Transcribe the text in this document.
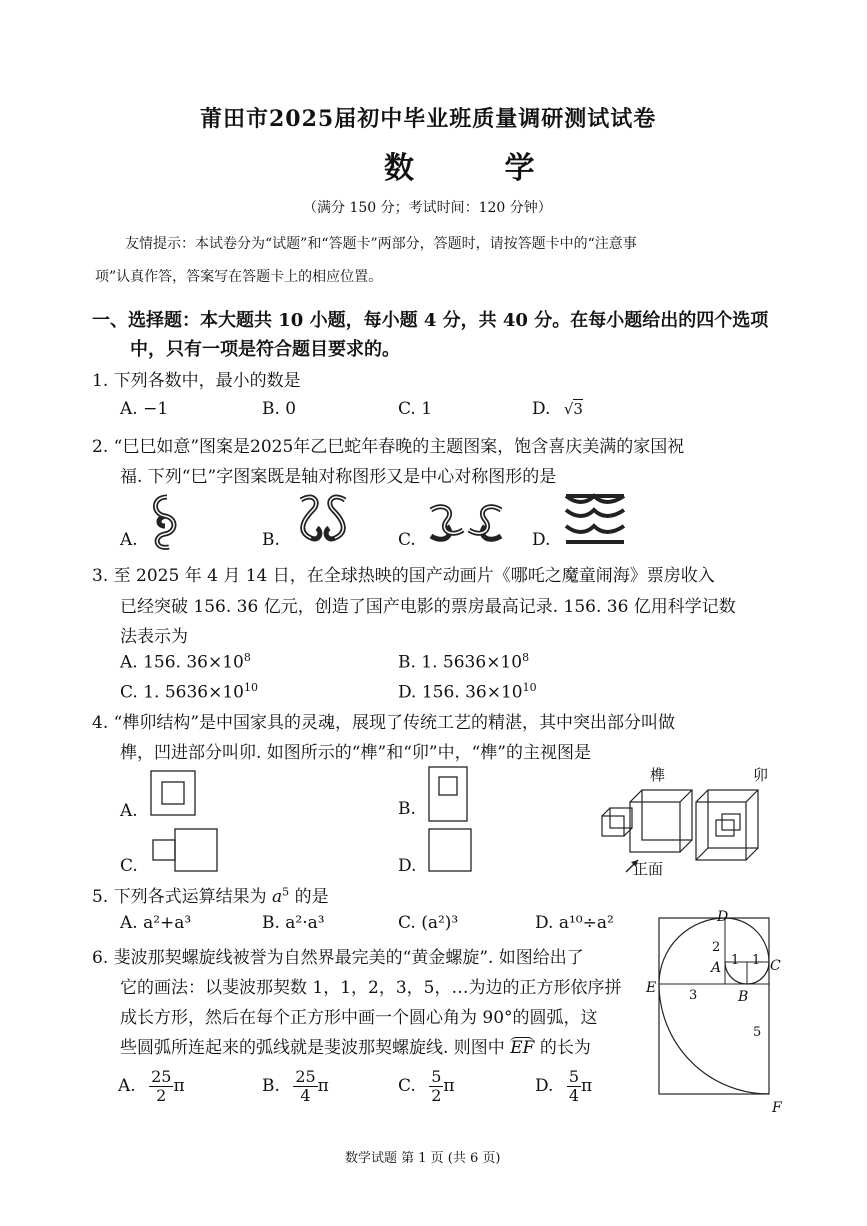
莆田市2025届初中毕业班质量调研测试试卷
数 学
（满分 150 分；考试时间：120 分钟）
友情提示：本试卷分为“试题”和“答题卡”两部分，答题时，请按答题卡中的“注意事
项”认真作答，答案写在答题卡上的相应位置。
一、选择题：本大题共 10 小题，每小题 4 分，共 40 分。在每小题给出的四个选项
中，只有一项是符合题目要求的。
1. 下列各数中，最小的数是
A. −1	B. 0	C. 1	D. √3
2. “巳巳如意”图案是2025年乙巳蛇年春晚的主题图案，饱含喜庆美满的家国祝
福. 下列“巳”字图案既是轴对称图形又是中心对称图形的是
A.	B.	C.	D.
3. 至 2025 年 4 月 14 日，在全球热映的国产动画片《哪吒之魔童闹海》票房收入
已经突破 156. 36 亿元，创造了国产电影的票房最高记录. 156. 36 亿用科学记数
法表示为
A. 156. $36\times 10^8$	B. 1. $5636\times 10^8$
C. 1. $5636\times 10^{10}$	D. 156. $36\times 10^{10}$
4. “榫卯结构”是中国家具的灵魂，展现了传统工艺的精湛，其中突出部分叫做
榫，凹进部分叫卯. 如图所示的“榫”和“卯”中，“榫”的主视图是
A.	B.
C.	D.
榫	卯
正面
5. 下列各式运算结果为 $a^5$ 的是
A. a²+a³	B. a²·a³	C. (a²)³	D. a¹⁰÷a²
6. 斐波那契螺旋线被誉为自然界最完美的“黄金螺旋”. 如图给出了
它的画法：以斐波那契数 1，1，2，3，5，…为边的正方形依序拼
成长方形，然后在每个正方形中画一个圆心角为 90°的圆弧，这
些圆弧所连起来的弧线就是斐波那契螺旋线. 则图中 EF 的长为
A. $\frac{25}{2}$ π	B. $\frac{25}{4}$ π	C. $\frac{5}{2}$ π	D. $\frac{5}{4}$ π
D
C
E
A
B
F
1 1
2
3
5
数学试题 第 1 页 (共 6 页)
